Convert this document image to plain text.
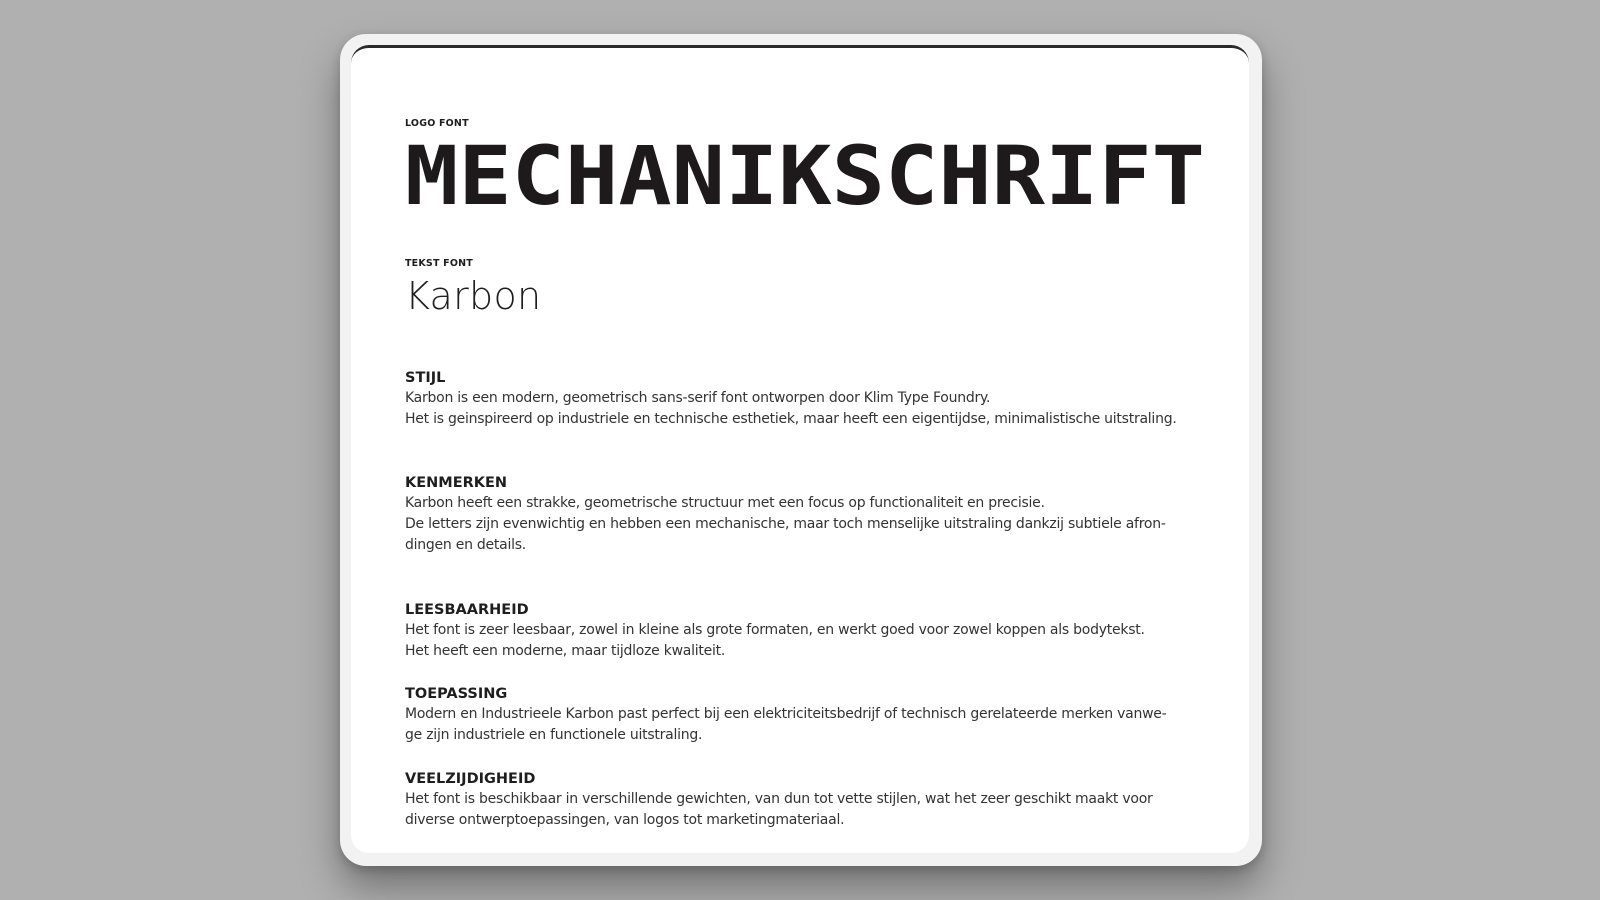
LOGO FONT
MECHANIKSCHRIFT
TEKST FONT
Karbon
STIJL

Karbon is een modern, geometrisch sans-serif font ontworpen door Klim Type Foundry.

Het is geinspireerd op industriele en technische esthetiek, maar heeft een eigentijdse, minimalistische uitstraling.

KENMERKEN

Karbon heeft een strakke, geometrische structuur met een focus op functionaliteit en precisie.

De letters zijn evenwichtig en hebben een mechanische, maar toch menselijke uitstraling dankzij subtiele afron-

dingen en details.

LEESBAARHEID

Het font is zeer leesbaar, zowel in kleine als grote formaten, en werkt goed voor zowel koppen als bodytekst.

Het heeft een moderne, maar tijdloze kwaliteit.

TOEPASSING

Modern en Industrieele Karbon past perfect bij een elektriciteitsbedrijf of technisch gerelateerde merken vanwe-

ge zijn industriele en functionele uitstraling.

VEELZIJDIGHEID

Het font is beschikbaar in verschillende gewichten, van dun tot vette stijlen, wat het zeer geschikt maakt voor

diverse ontwerptoepassingen, van logos tot marketingmateriaal.
